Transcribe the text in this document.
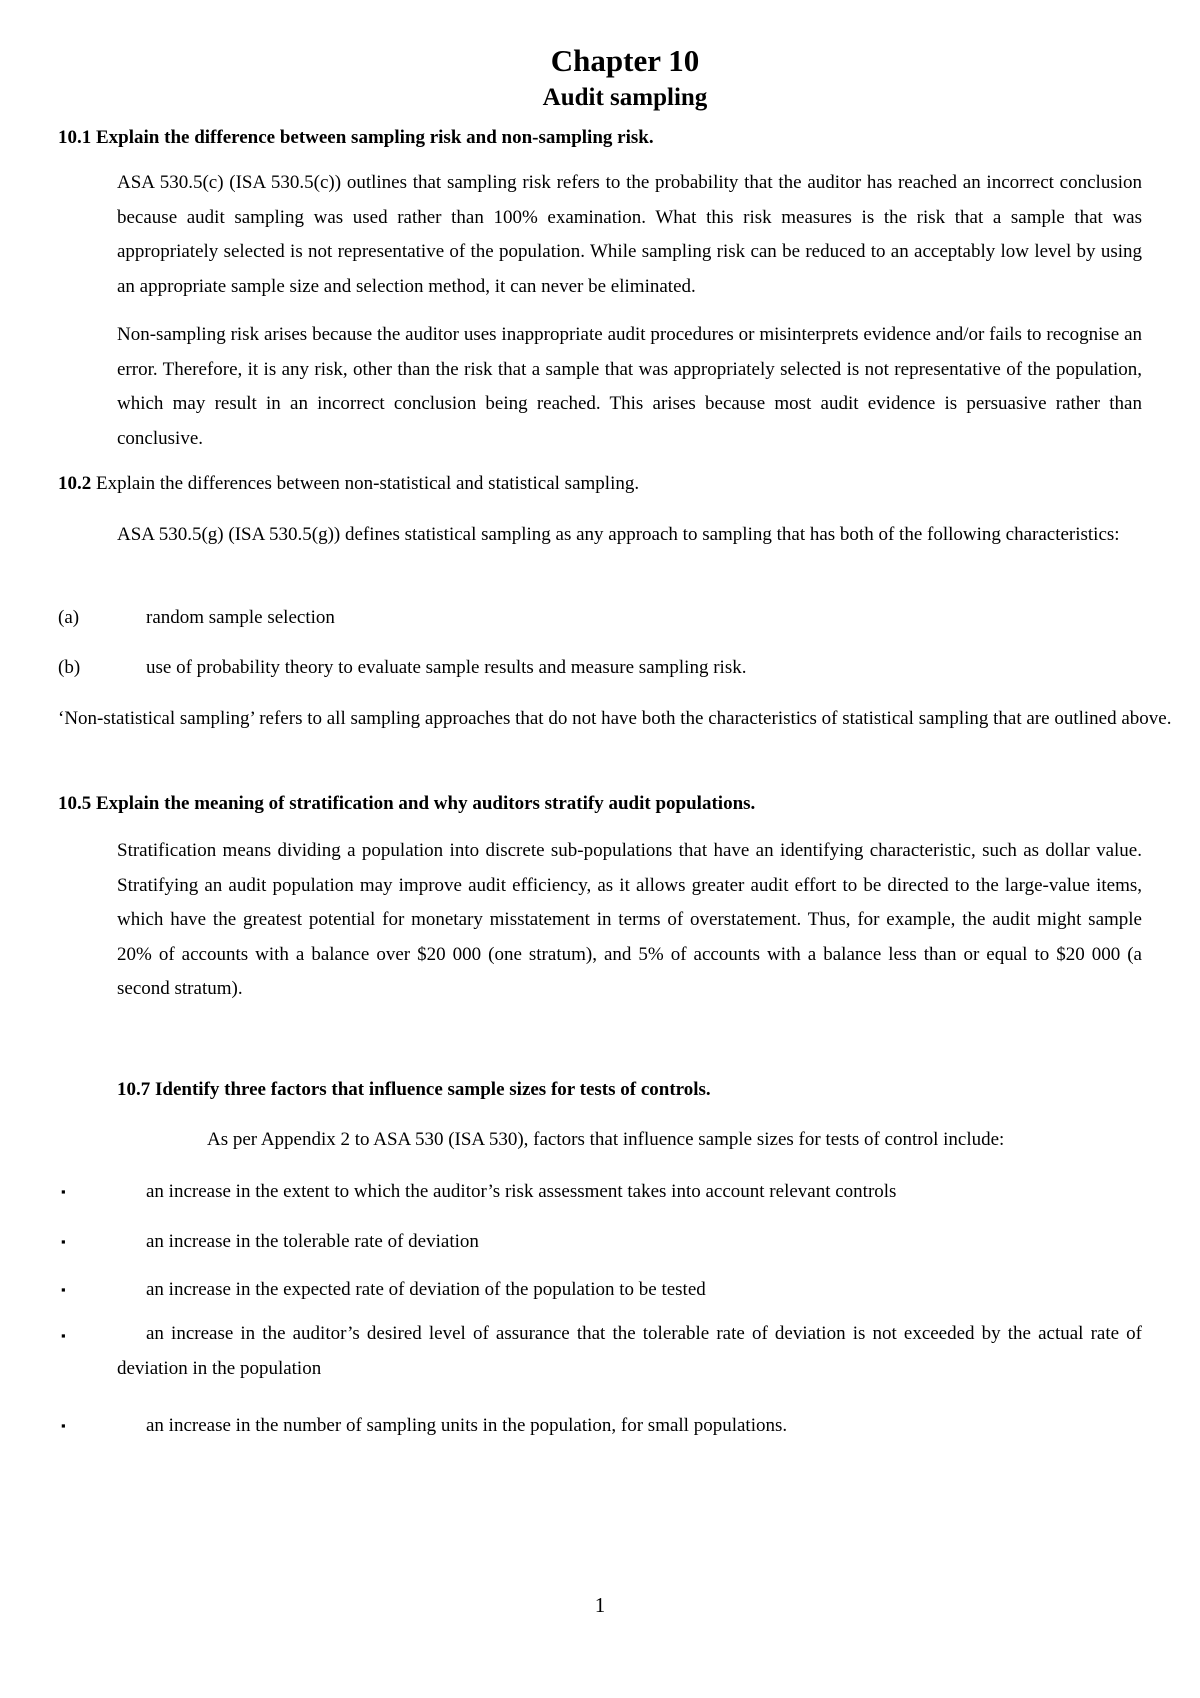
Chapter 10
Audit sampling
10.1 Explain the difference between sampling risk and non-sampling risk.

ASA 530.5(c) (ISA 530.5(c)) outlines that sampling risk refers to the probability that the auditor has reached an incorrect conclusion because audit sampling was used rather than 100% examination. What this risk measures is the risk that a sample that was appropriately selected is not representative of the population. While sampling risk can be reduced to an acceptably low level by using an appropriate sample size and selection method, it can never be eliminated.

Non-sampling risk arises because the auditor uses inappropriate audit procedures or misinterprets evidence and/or fails to recognise an error. Therefore, it is any risk, other than the risk that a sample that was appropriately selected is not representative of the population, which may result in an incorrect conclusion being reached. This arises because most audit evidence is persuasive rather than conclusive.

10.2 Explain the differences between non-statistical and statistical sampling.

ASA 530.5(g) (ISA 530.5(g)) defines statistical sampling as any approach to sampling that has both of the following characteristics:

(a)	random sample selection
(b)	use of probability theory to evaluate sample results and measure sampling risk.

‘Non-statistical sampling’ refers to all sampling approaches that do not have both the characteristics of statistical sampling that are outlined above.

10.5 Explain the meaning of stratification and why auditors stratify audit populations.

Stratification means dividing a population into discrete sub-populations that have an identifying characteristic, such as dollar value. Stratifying an audit population may improve audit efficiency, as it allows greater audit effort to be directed to the large-value items, which have the greatest potential for monetary misstatement in terms of overstatement. Thus, for example, the audit might sample 20% of accounts with a balance over $20 000 (one stratum), and 5% of accounts with a balance less than or equal to $20 000 (a second stratum).

10.7 Identify three factors that influence sample sizes for tests of controls.
As per Appendix 2 to ASA 530 (ISA 530), factors that influence sample sizes for tests of control include:
▪	an increase in the extent to which the auditor’s risk assessment takes into account relevant controls
▪	an increase in the tolerable rate of deviation
▪	an increase in the expected rate of deviation of the population to be tested
▪	an increase in the auditor’s desired level of assurance that the tolerable rate of deviation is not exceeded by the actual rate of deviation in the population

▪	an increase in the number of sampling units in the population, for small populations.
1
